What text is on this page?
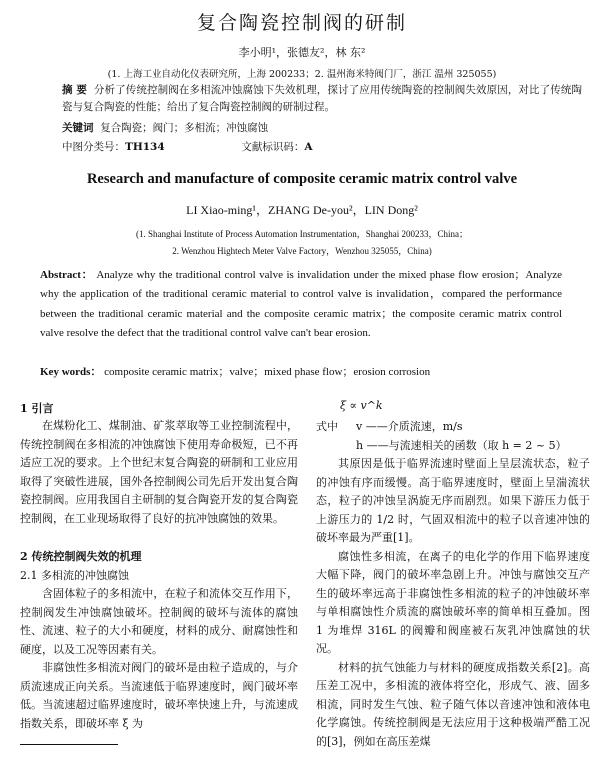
复合陶瓷控制阀的研制
李小明¹，张德友²，林 东²
(1. 上海工业自动化仪表研究所，上海 200233；2. 温州海米特阀门厂，浙江 温州 325055)
摘 要 分析了传统控制阀在多相流冲蚀腐蚀下失效机理，探讨了应用传统陶瓷的控制阀失效原因，对比了传统陶瓷与复合陶瓷的性能；给出了复合陶瓷控制阀的研制过程。
关键词 复合陶瓷；阀门；多相流；冲蚀腐蚀
中图分类号：TH134	文献标识码：A
Research and manufacture of composite ceramic matrix control valve
LI Xiao-ming¹，ZHANG De-you²，LIN Dong²
(1. Shanghai Institute of Process Automation Instrumentation，Shanghai 200233，China；
2. Wenzhou Hightech Meter Valve Factory，Wenzhou 325055，China)
Abstract： Analyze why the traditional control valve is invalidation under the mixed phase flow erosion；Analyze why the application of the traditional ceramic material to control valve is invalidation，compared the performance between the traditional ceramic material and the composite ceramic matrix；the composite ceramic matrix control valve resolve the defect that the traditional control valve can't bear erosion.
Key words： composite ceramic matrix；valve；mixed phase flow；erosion corrosion
1 引言
在煤粉化工、煤制油、矿浆萃取等工业控制流程中，传统控制阀在多相流的冲蚀腐蚀下使用寿命极短，已不再适应工况的要求。上个世纪末复合陶瓷的研制和工业应用取得了突破性进展，国外各控制阀公司先后开发出复合陶瓷控制阀。应用我国自主研制的复合陶瓷开发的复合陶瓷控制阀，在工业现场取得了良好的抗冲蚀腐蚀的效果。
2 传统控制阀失效的机理
2.1 多相流的冲蚀腐蚀
含固体粒子的多相流中，在粒子和流体交互作用下，控制阀发生冲蚀腐蚀破坏。控制阀的破坏与流体的腐蚀性、流速、粒子的大小和硬度，材料的成分、耐腐蚀性和硬度，以及工况等因素有关。
非腐蚀性多相流对阀门的破坏是由粒子造成的，与介质流速成正向关系。当流速低于临界速度时，阀门破坏率低。当流速超过临界速度时，破坏率快速上升，与流速成指数关系，即破坏率 ξ 为
ξ ∝ v^k
式中 v ——介质流速，m/s
h ——与流速相关的函数（取 h = 2 ~ 5）
其原因是低于临界流速时壁面上呈层流状态，粒子的冲蚀有序而缓慢。高于临界速度时，壁面上呈湍流状态，粒子的冲蚀呈涡旋无序而剧烈。如果下游压力低于上游压力的 1/2 时，气固双相流中的粒子以音速冲蚀的破坏率最为严重[1]。
腐蚀性多相流，在离子的电化学的作用下临界速度大幅下降，阀门的破坏率急剧上升。冲蚀与腐蚀交互产生的破坏率远高于非腐蚀性多相流的粒子的冲蚀破坏率与单相腐蚀性介质流的腐蚀破坏率的简单相互叠加。图 1 为堆焊 316L 的阀瓣和阀座被石灰乳冲蚀腐蚀的状况。
材料的抗气蚀能力与材料的硬度成指数关系[2]。高压差工况中，多相流的液体将空化，形成气、液、固多相流，同时发生气蚀、粒子随气体以音速冲蚀和液体电化学腐蚀。传统控制阀是无法应用于这种极端严酷工况的[3]，例如在高压差煤
